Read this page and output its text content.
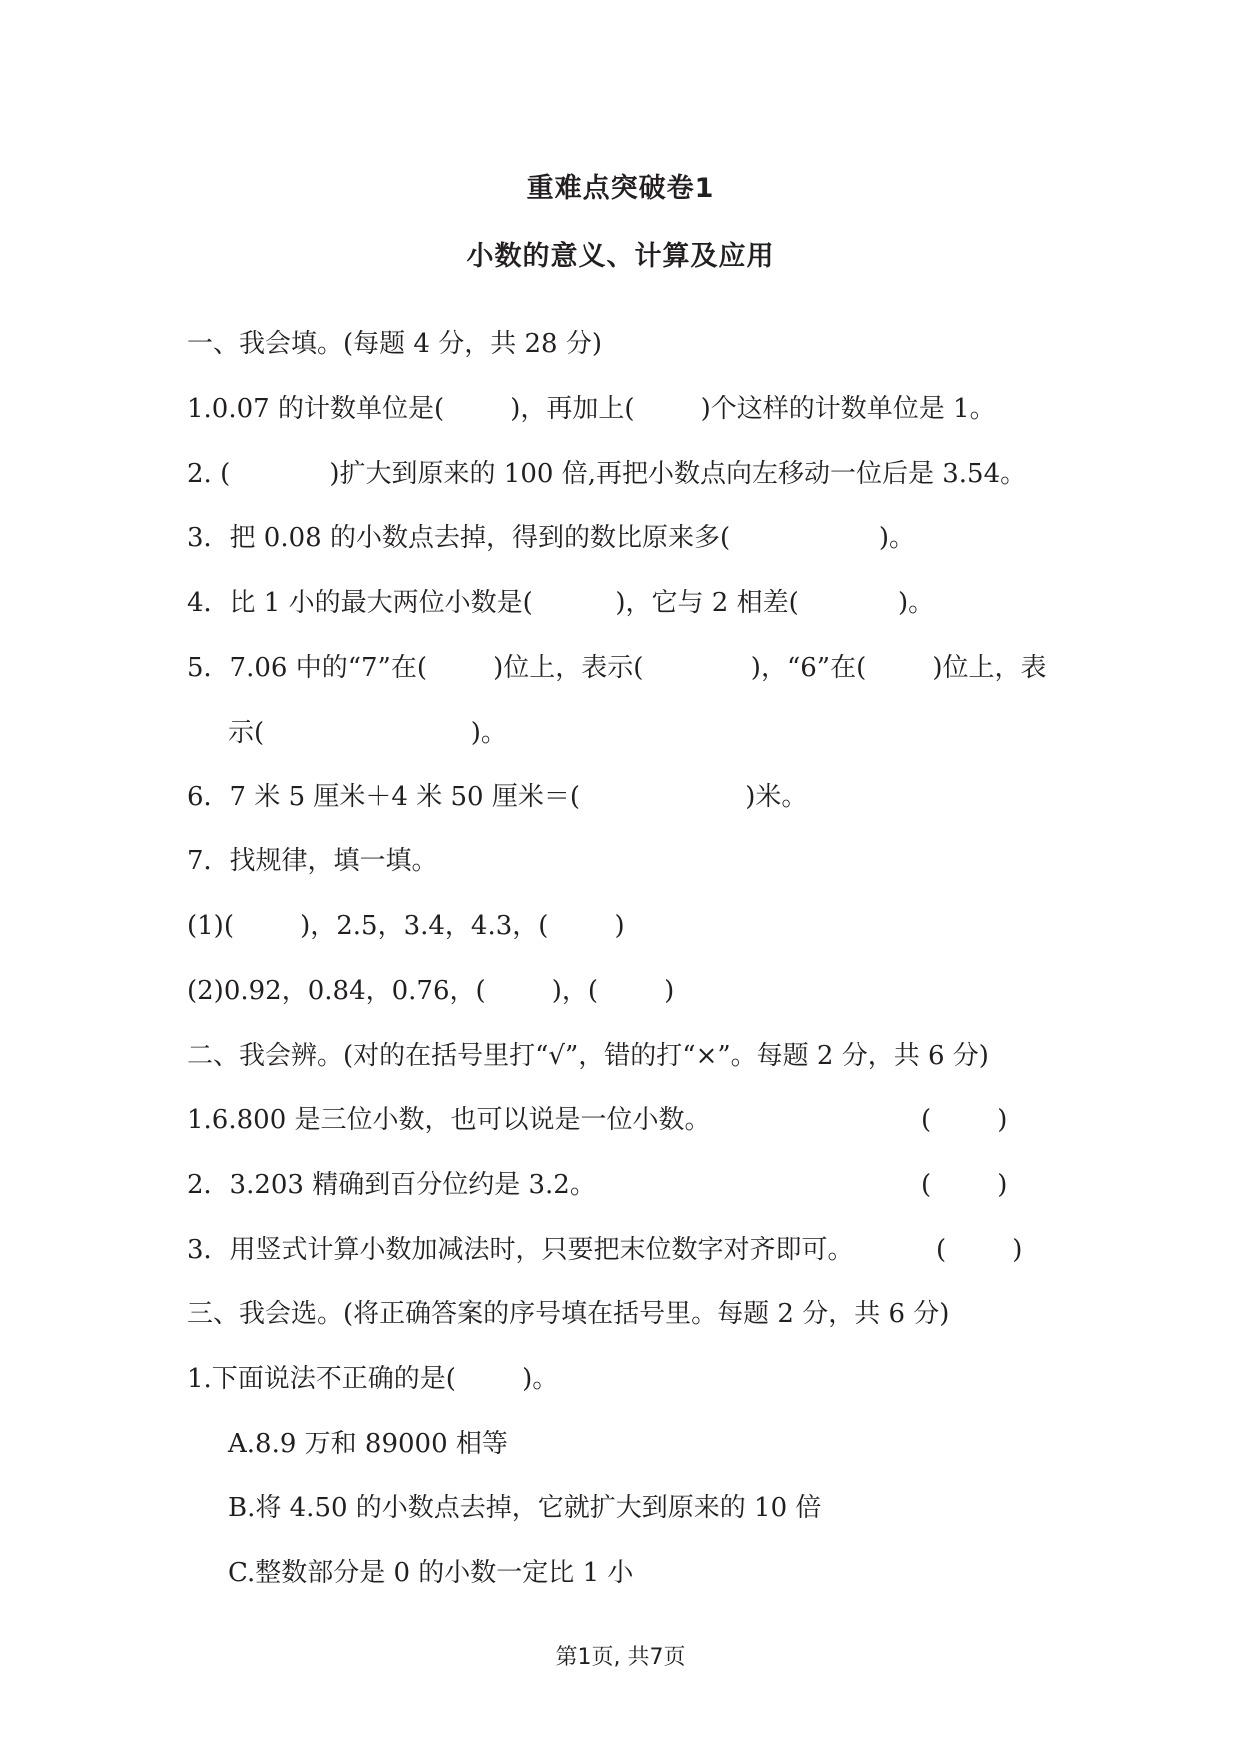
重难点突破卷1
小数的意义、计算及应用
一、我会填。(每题 4 分，共 28 分)
1.0.07 的计数单位是(        )，再加上(        )个这样的计数单位是 1。
2. (            )扩大到原来的 100 倍,再把小数点向左移动一位后是 3.54。
3．把 0.08 的小数点去掉，得到的数比原来多(                  )。
4．比 1 小的最大两位小数是(          )，它与 2 相差(            )。
5．7.06 中的“7”在(        )位上，表示(             )，“6”在(        )位上，表
示(                         )。
6．7 米 5 厘米＋4 米 50 厘米＝(                    )米。
7．找规律，填一填。
(1)(        )，2.5，3.4，4.3，(        )
(2)0.92，0.84，0.76，(        )，(        )
二、我会辨。(对的在括号里打“√”，错的打“×”。每题 2 分，共 6 分)
1.6.800 是三位小数，也可以说是一位小数。	(        )
2．3.203 精确到百分位约是 3.2。	(        )
3．用竖式计算小数加减法时，只要把末位数字对齐即可。	(        )
三、我会选。(将正确答案的序号填在括号里。每题 2 分，共 6 分)
1.下面说法不正确的是(        )。
A.8.9 万和 89000 相等
B.将 4.50 的小数点去掉，它就扩大到原来的 10 倍
C.整数部分是 0 的小数一定比 1 小
第1页, 共7页
